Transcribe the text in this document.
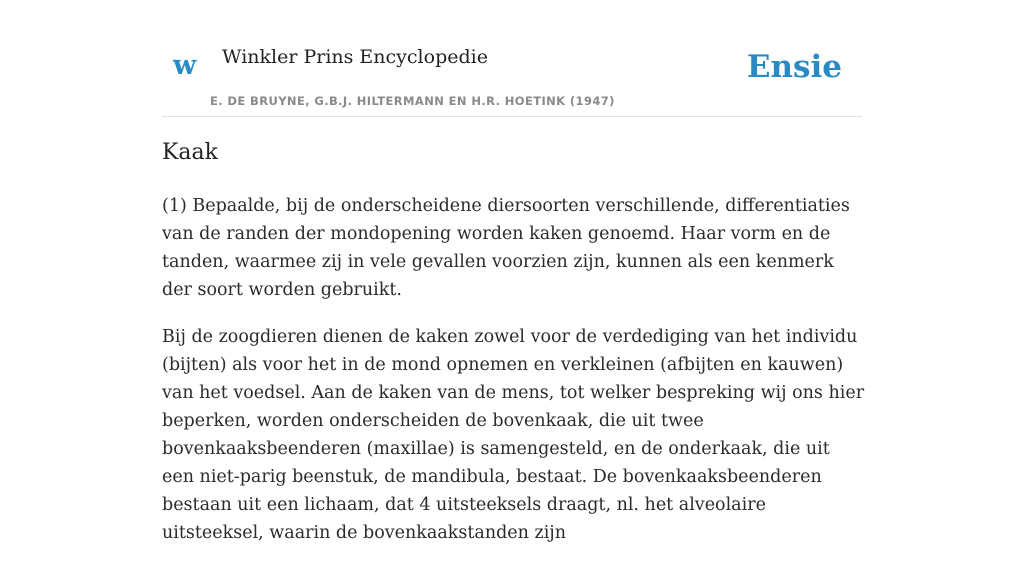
w Winkler Prins Encyclopedie
E. DE BRUYNE, G.B.J. HILTERMANN EN H.R. HOETINK (1947)
Ensie
Kaak

(1) Bepaalde, bij de onderscheidene diersoorten verschillende, differentiaties van de randen der mondopening worden kaken genoemd. Haar vorm en de tanden, waarmee zij in vele gevallen voorzien zijn, kunnen als een kenmerk der soort worden gebruikt.

Bij de zoogdieren dienen de kaken zowel voor de verdediging van het individu (bijten) als voor het in de mond opnemen en verkleinen (afbijten en kauwen) van het voedsel. Aan de kaken van de mens, tot welker bespreking wij ons hier beperken, worden onderscheiden de bovenkaak, die uit twee bovenkaaksbeenderen (maxillae) is samengesteld, en de onderkaak, die uit een niet-parig beenstuk, de mandibula, bestaat. De bovenkaaksbeenderen bestaan uit een lichaam, dat 4 uitsteeksels draagt, nl. het alveolaire uitsteeksel, waarin de bovenkaakstanden zijn
